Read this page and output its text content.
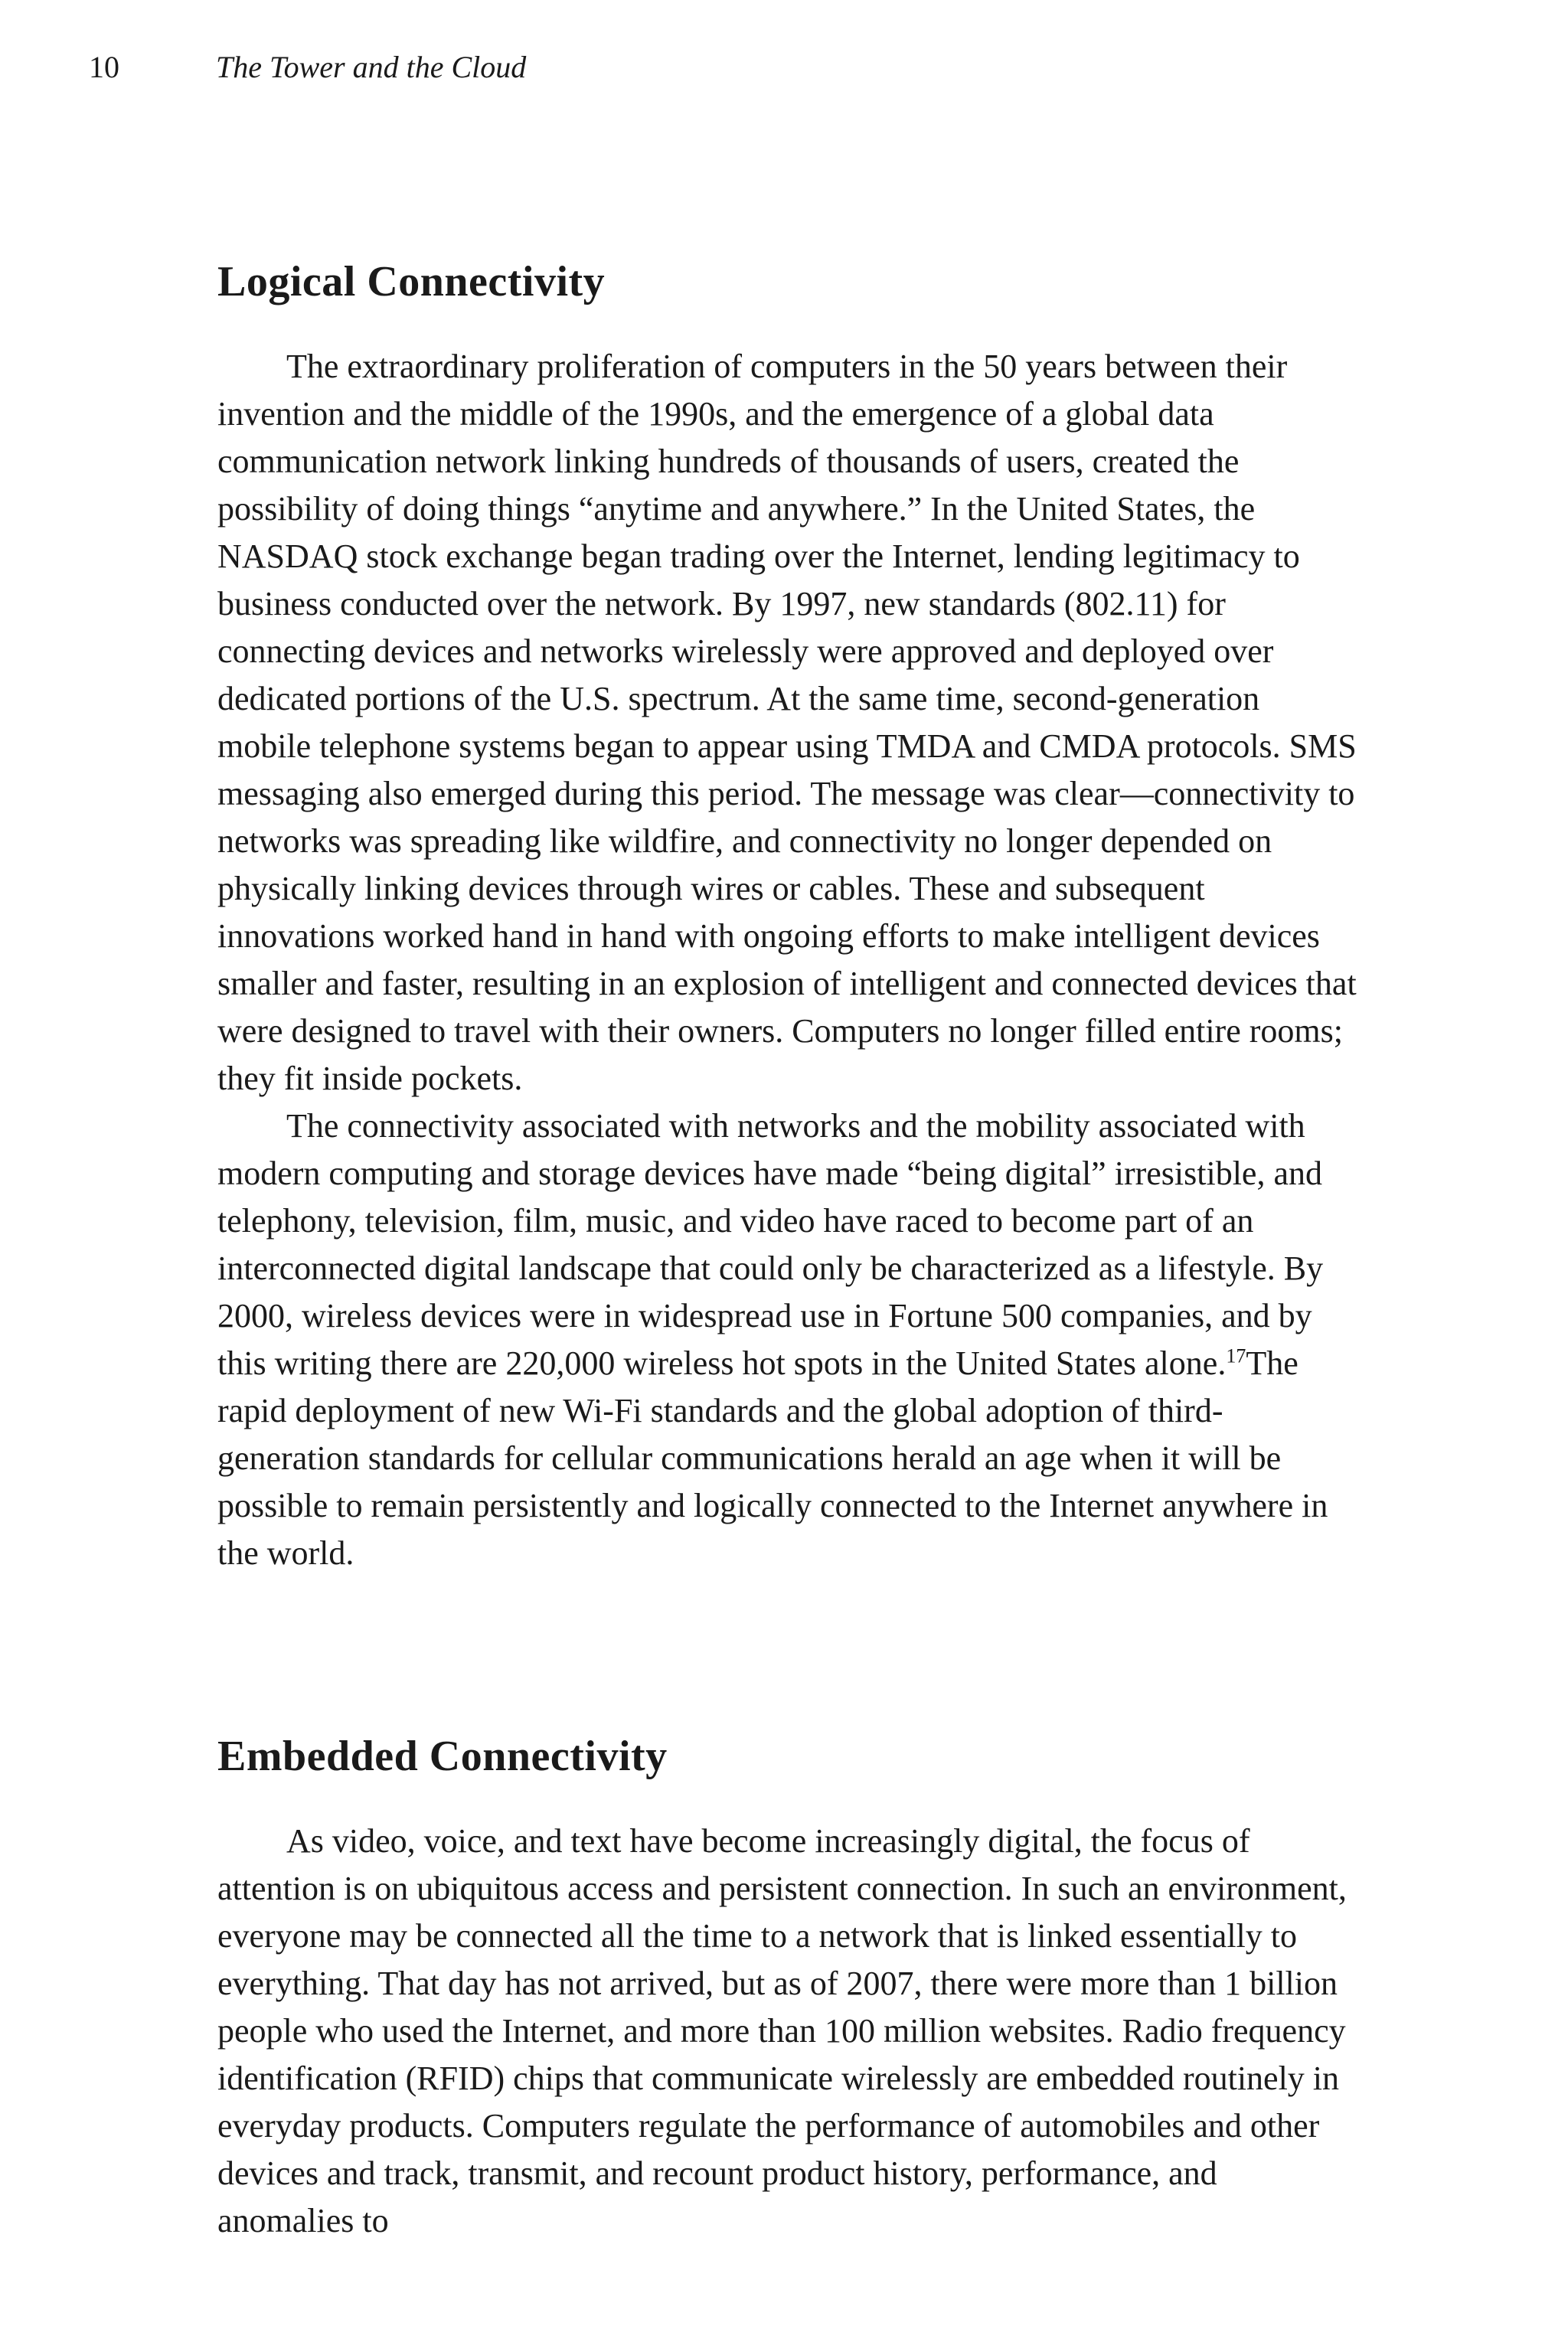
10	The Tower and the Cloud
Logical Connectivity

The extraordinary proliferation of computers in the 50 years between their invention and the middle of the 1990s, and the emergence of a global data communication network linking hundreds of thousands of users, created the possibility of doing things “anytime and anywhere.” In the United States, the NASDAQ stock exchange began trading over the Internet, lending legitimacy to business conducted over the network. By 1997, new standards (802.11) for connecting devices and networks wirelessly were approved and deployed over dedicated portions of the U.S. spectrum. At the same time, second-generation mobile telephone systems began to appear using TMDA and CMDA protocols. SMS messaging also emerged during this period. The message was clear—connectivity to networks was spreading like wildfire, and connectivity no longer depended on physically linking devices through wires or cables. These and subsequent innovations worked hand in hand with ongoing efforts to make intelligent devices smaller and faster, resulting in an explosion of intelligent and connected devices that were designed to travel with their owners. Computers no longer filled entire rooms; they fit inside pockets.

The connectivity associated with networks and the mobility associated with modern computing and storage devices have made “being digital” irresistible, and telephony, television, film, music, and video have raced to become part of an interconnected digital landscape that could only be characterized as a lifestyle. By 2000, wireless devices were in widespread use in Fortune 500 companies, and by this writing there are 220,000 wireless hot spots in the United States alone.$^{17}$The rapid deployment of new Wi-Fi standards and the global adoption of third-generation standards for cellular communications herald an age when it will be possible to remain persistently and logically connected to the Internet anywhere in the world.

Embedded Connectivity

As video, voice, and text have become increasingly digital, the focus of attention is on ubiquitous access and persistent connection. In such an environment, everyone may be connected all the time to a network that is linked essentially to everything. That day has not arrived, but as of 2007, there were more than 1 billion people who used the Internet, and more than 100 million websites. Radio frequency identification (RFID) chips that communicate wirelessly are embedded routinely in everyday products. Computers regulate the performance of automobiles and other devices and track, transmit, and recount product history, performance, and anomalies to
